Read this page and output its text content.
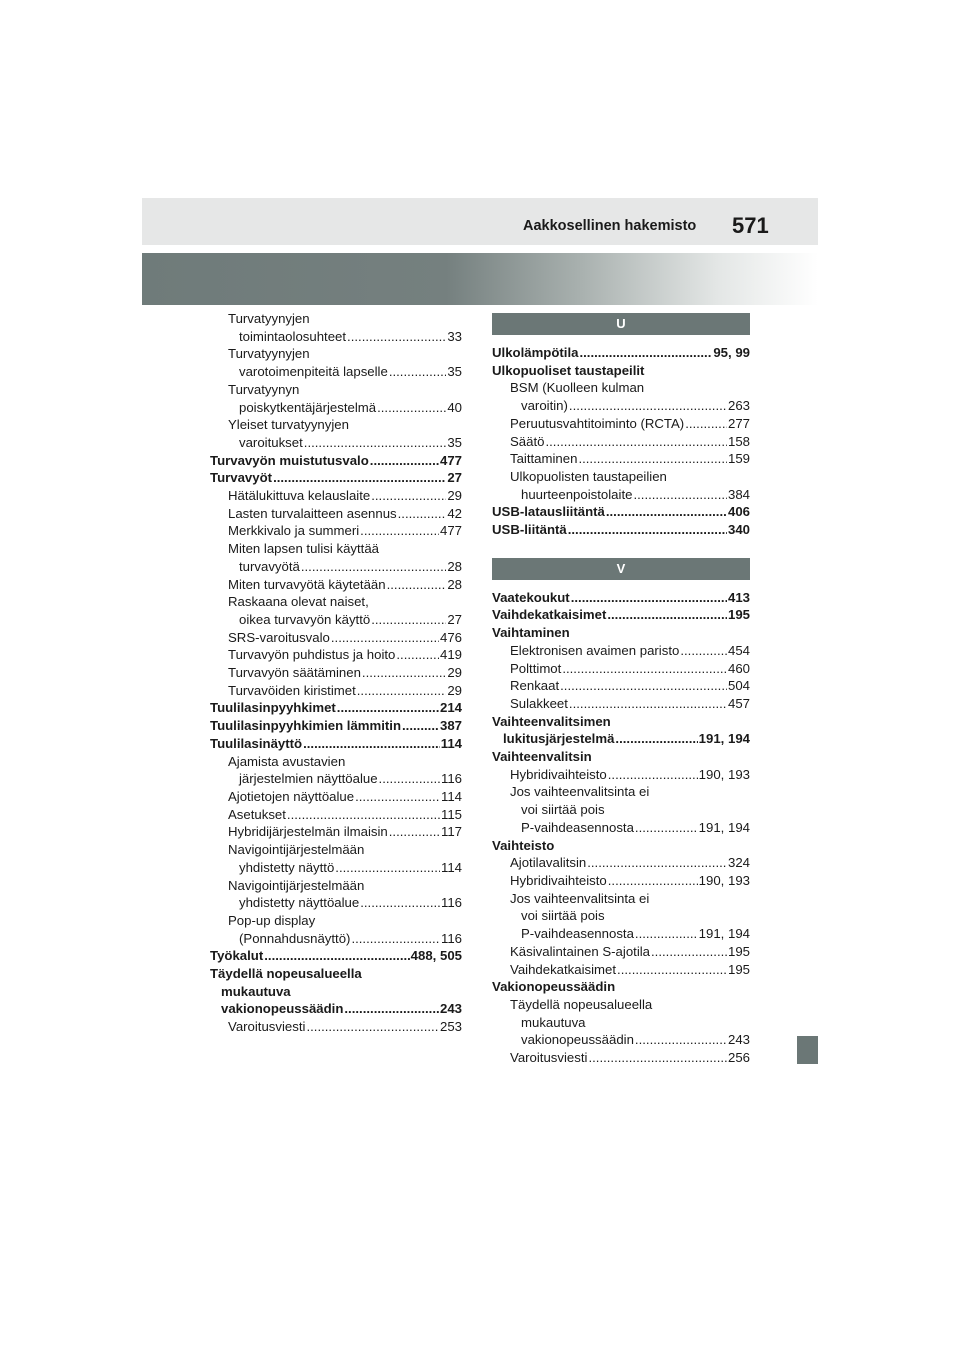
Aakkosellinen hakemisto 571
Turvatyynyjen
toimintaolosuhteet .....	33
Turvatyynyjen
varotoimenpiteitä lapselle .....	35
Turvatyynyn
poiskytkentäjärjestelmä .....	40
Yleiset turvatyynyjen
varoitukset .....	35
Turvavyön muistutusvalo .....	477
Turvavyöt .....	27
Hätälukittuva kelauslaite .....	29
Lasten turvalaitteen asennus .....	42
Merkkivalo ja summeri .....	477
Miten lapsen tulisi käyttää
turvavyötä .....	28
Miten turvavyötä käytetään .....	28
Raskaana olevat naiset,
oikea turvavyön käyttö .....	27
SRS-varoitusvalo .....	476
Turvavyön puhdistus ja hoito .....	419
Turvavyön säätäminen .....	29
Turvavöiden kiristimet .....	29
Tuulilasinpyyhkimet .....	214
Tuulilasinpyyhkimien lämmitin .....	387
Tuulilasinäyttö .....	114
Ajamista avustavien
järjestelmien näyttöalue .....	116
Ajotietojen näyttöalue .....	114
Asetukset .....	115
Hybridijärjestelmän ilmaisin .....	117
Navigointijärjestelmään
yhdistetty näyttö .....	114
Navigointijärjestelmään
yhdistetty näyttöalue .....	116
Pop-up display
(Ponnahdusnäyttö) .....	116
Työkalut .....	488, 505
Täydellä nopeusalueella
mukautuva
vakionopeussäädin .....	243
Varoitusviesti .....	253
U
Ulkolämpötila .....	95, 99
Ulkopuoliset taustapeilit
BSM (Kuolleen kulman
varoitin) .....	263
Peruutusvahtitoiminto (RCTA) .....	277
Säätö .....	158
Taittaminen .....	159
Ulkopuolisten taustapeilien
huurteenpoistolaite .....	384
USB-latausliitäntä .....	406
USB-liitäntä .....	340
V
Vaatekoukut .....	413
Vaihdekatkaisimet .....	195
Vaihtaminen
Elektronisen avaimen paristo .....	454
Polttimot .....	460
Renkaat .....	504
Sulakkeet .....	457
Vaihteenvalitsimen
lukitusjärjestelmä .....	191, 194
Vaihteenvalitsin
Hybridivaihteisto .....	190, 193
Jos vaihteenvalitsinta ei
voi siirtää pois
P-vaihdeasennosta .....	191, 194
Vaihteisto
Ajotilavalitsin .....	324
Hybridivaihteisto .....	190, 193
Jos vaihteenvalitsinta ei
voi siirtää pois
P-vaihdeasennosta .....	191, 194
Käsivalintainen S-ajotila .....	195
Vaihdekatkaisimet .....	195
Vakionopeussäädin
Täydellä nopeusalueella
mukautuva
vakionopeussäädin .....	243
Varoitusviesti .....	256
